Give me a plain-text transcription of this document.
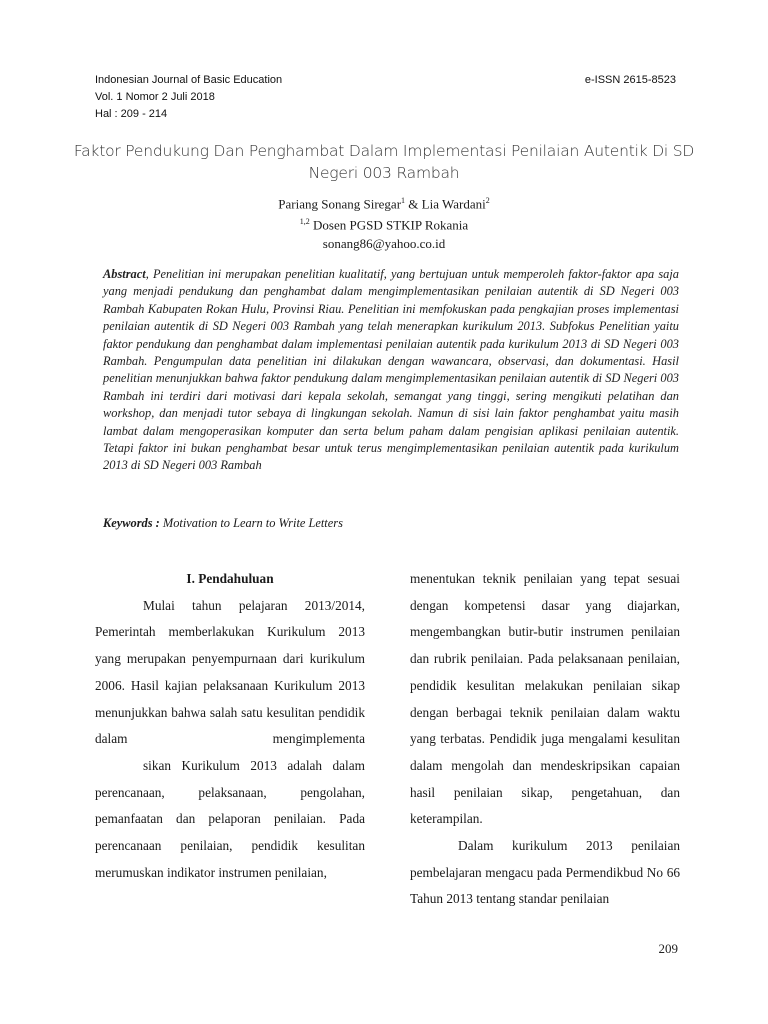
Indonesian Journal of Basic Education
Vol. 1 Nomor 2 Juli 2018
Hal : 209 - 214
e-ISSN 2615-8523
Faktor Pendukung Dan Penghambat Dalam Implementasi Penilaian Autentik Di SD Negeri 003 Rambah
Pariang Sonang Siregar$^1$ & Lia Wardani$^2$
$^{1,2}$ Dosen PGSD STKIP Rokania
sonang86@yahoo.co.id
Abstract, Penelitian ini merupakan penelitian kualitatif, yang bertujuan untuk memperoleh faktor-faktor apa saja yang menjadi pendukung dan penghambat dalam mengimplementasikan penilaian autentik di SD Negeri 003 Rambah Kabupaten Rokan Hulu, Provinsi Riau. Penelitian ini memfokuskan pada pengkajian proses implementasi penilaian autentik di SD Negeri 003 Rambah yang telah menerapkan kurikulum 2013. Subfokus Penelitian yaitu faktor pendukung dan penghambat dalam implementasi penilaian autentik pada kurikulum 2013 di SD Negeri 003 Rambah. Pengumpulan data penelitian ini dilakukan dengan wawancara, observasi, dan dokumentasi. Hasil penelitian menunjukkan bahwa faktor pendukung dalam mengimplementasikan penilaian autentik di SD Negeri 003 Rambah ini terdiri dari motivasi dari kepala sekolah, semangat yang tinggi, sering mengikuti pelatihan dan workshop, dan menjadi tutor sebaya di lingkungan sekolah. Namun di sisi lain faktor penghambat yaitu masih lambat dalam mengoperasikan komputer dan serta belum paham dalam pengisian aplikasi penilaian autentik. Tetapi faktor ini bukan penghambat besar untuk terus mengimplementasikan penilaian autentik pada kurikulum 2013 di SD Negeri 003 Rambah
Keywords : Motivation to Learn to Write Letters

I. Pendahuluan

Mulai tahun pelajaran 2013/2014, Pemerintah memberlakukan Kurikulum 2013 yang merupakan penyempurnaan dari kurikulum 2006. Hasil kajian pelaksanaan Kurikulum 2013 menunjukkan bahwa salah satu kesulitan pendidik dalam mengimplementa

sikan Kurikulum 2013 adalah dalam perencanaan, pelaksanaan, pengolahan, pemanfaatan dan pelaporan penilaian. Pada perencanaan penilaian, pendidik kesulitan merumuskan indikator instrumen penilaian,

menentukan teknik penilaian yang tepat sesuai dengan kompetensi dasar yang diajarkan, mengembangkan butir-butir instrumen penilaian dan rubrik penilaian. Pada pelaksanaan penilaian, pendidik kesulitan melakukan penilaian sikap dengan berbagai teknik penilaian dalam waktu yang terbatas. Pendidik juga mengalami kesulitan dalam mengolah dan mendeskripsikan capaian hasil penilaian sikap, pengetahuan, dan keterampilan.

Dalam kurikulum 2013 penilaian pembelajaran mengacu pada Permendikbud No 66 Tahun 2013 tentang standar penilaian

209
